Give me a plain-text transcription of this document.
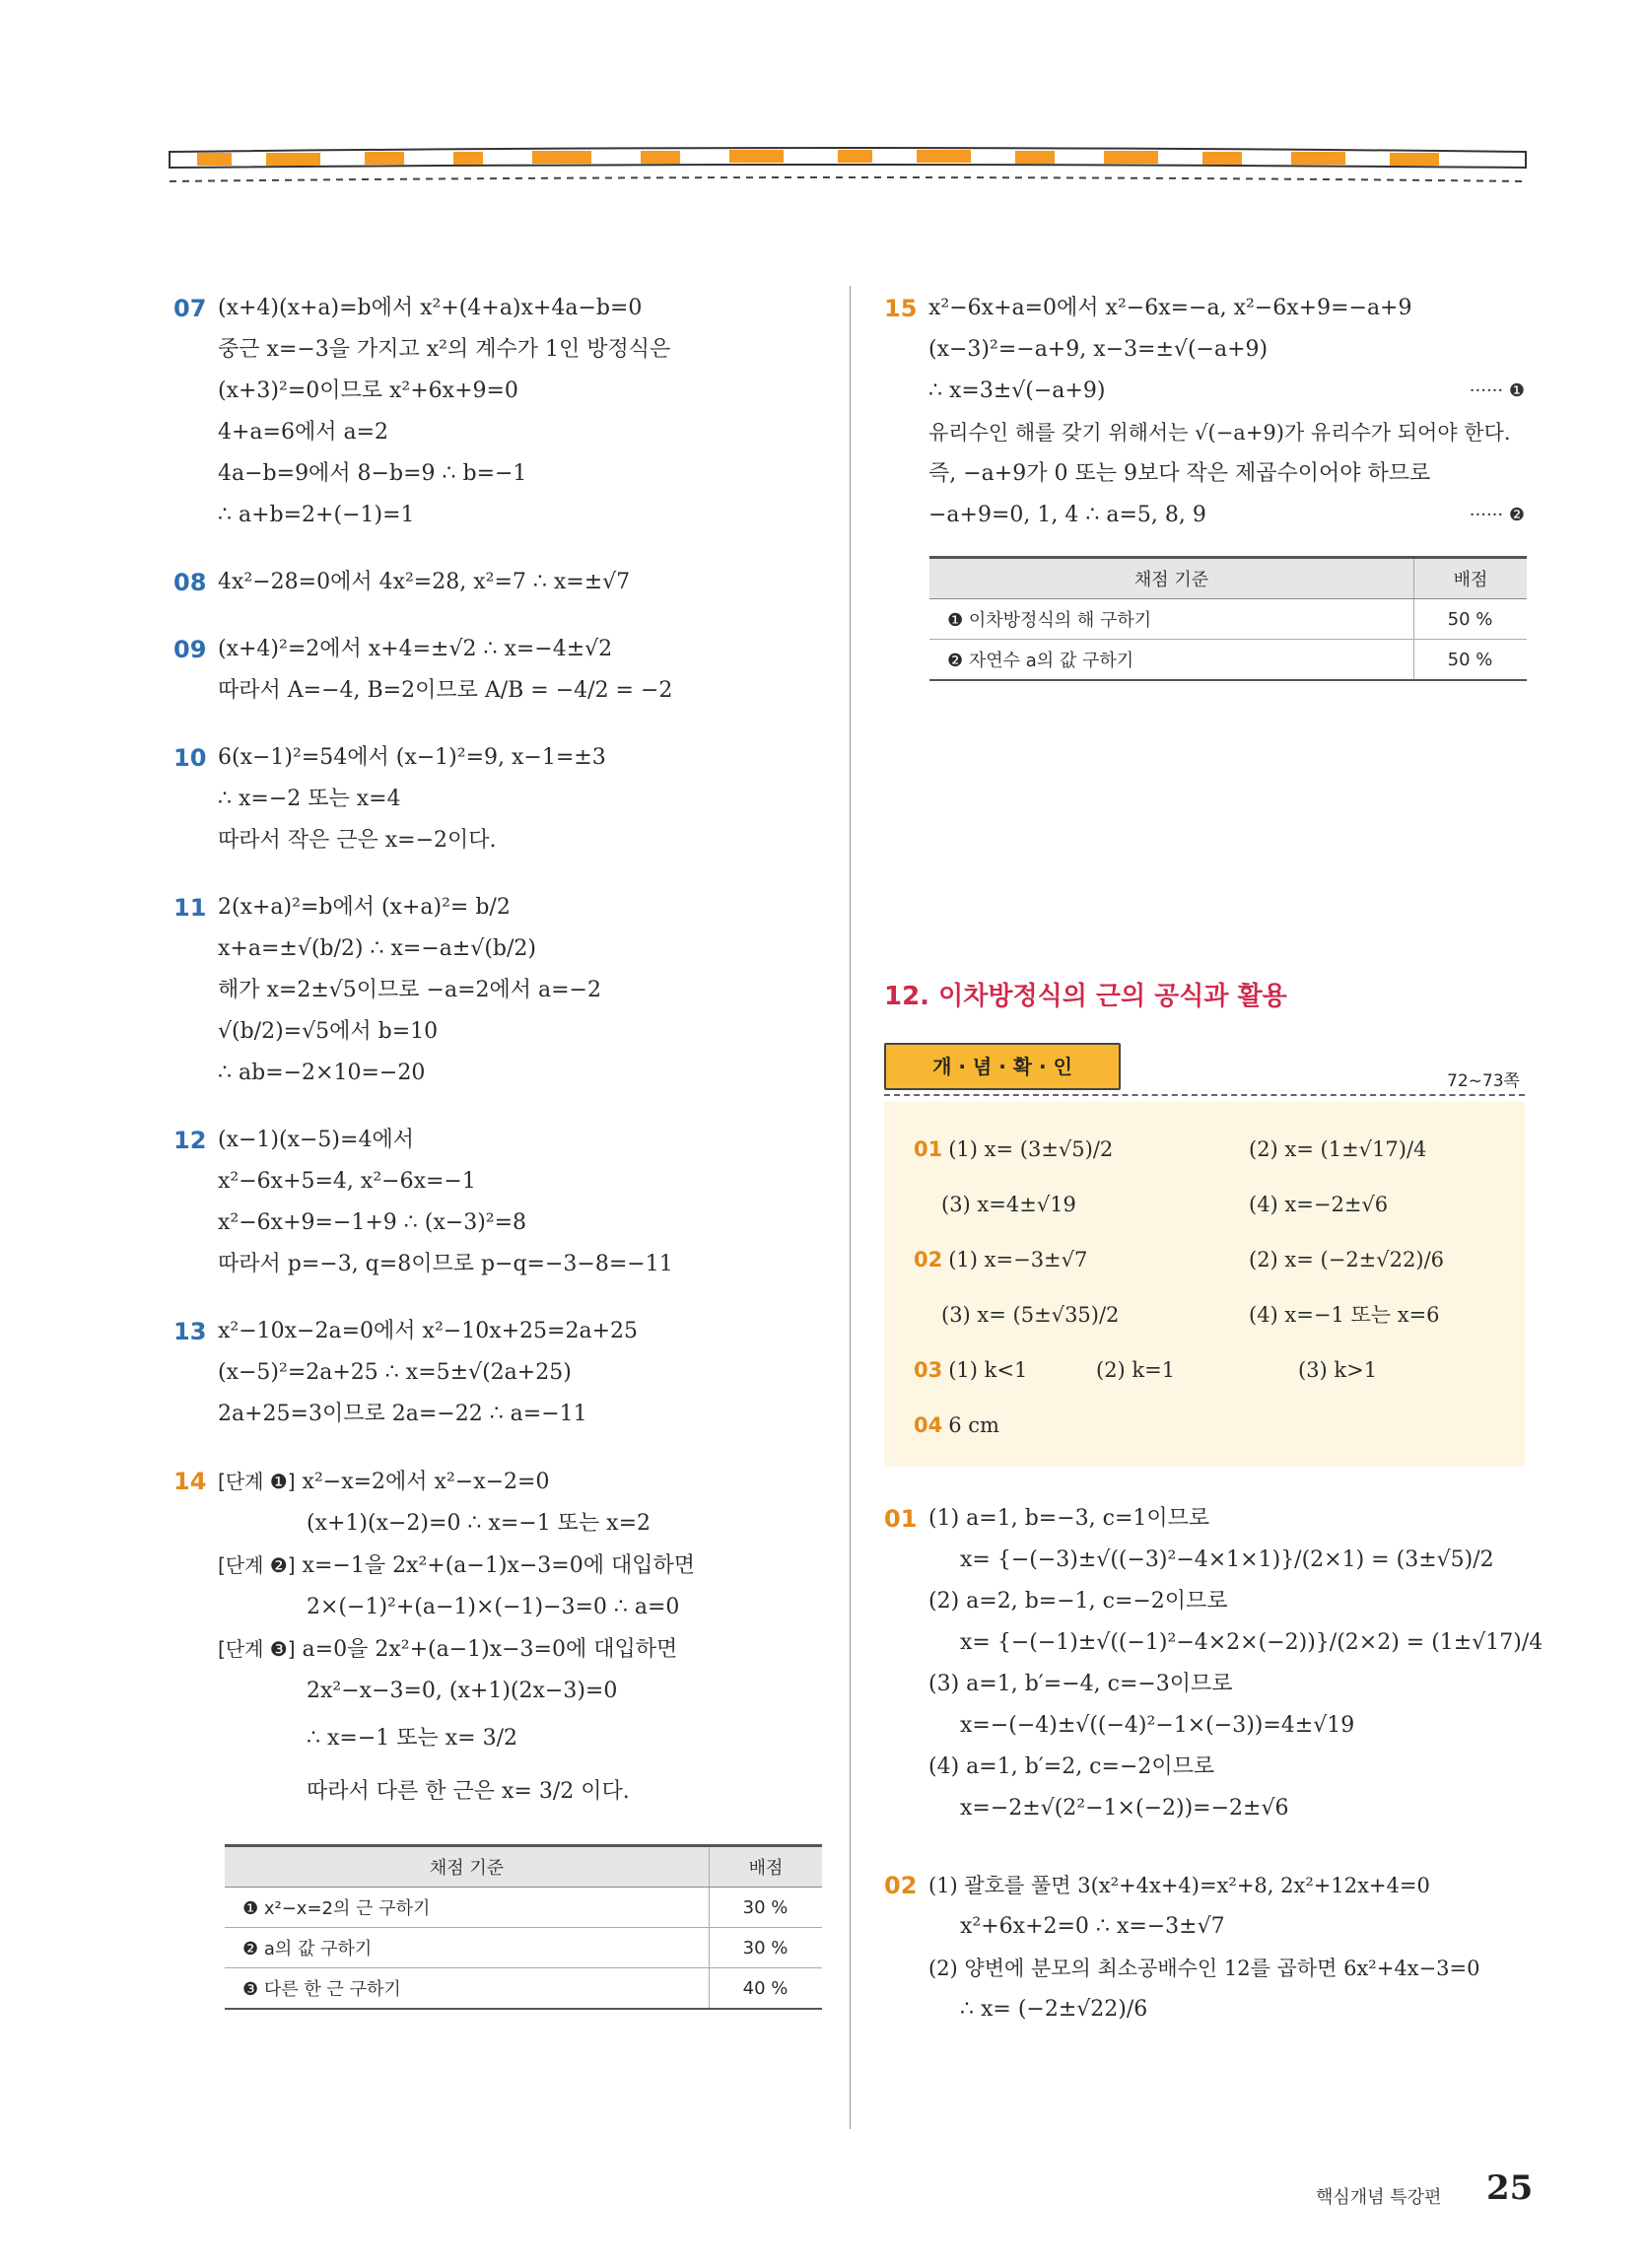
07 (x+4)(x+a)=b에서 x²+(4+a)x+4a−b=0
중근 x=−3을 가지고 x²의 계수가 1인 방정식은
(x+3)²=0이므로 x²+6x+9=0
4+a=6에서 a=2
4a−b=9에서 8−b=9 ∴ b=−1
∴ a+b=2+(−1)=1
08 4x²−28=0에서 4x²=28, x²=7 ∴ x=±√7
09 (x+4)²=2에서 x+4=±√2 ∴ x=−4±√2
따라서 A=−4, B=2이므로 A/B = −4/2 = −2
10 6(x−1)²=54에서 (x−1)²=9, x−1=±3
∴ x=−2 또는 x=4
따라서 작은 근은 x=−2이다.
11 2(x+a)²=b에서 (x+a)²= b/2
x+a=±√(b/2) ∴ x=−a±√(b/2)
해가 x=2±√5이므로 −a=2에서 a=−2
√(b/2)=√5에서 b=10
∴ ab=−2×10=−20
12 (x−1)(x−5)=4에서
x²−6x+5=4, x²−6x=−1
x²−6x+9=−1+9 ∴ (x−3)²=8
따라서 p=−3, q=8이므로 p−q=−3−8=−11
13 x²−10x−2a=0에서 x²−10x+25=2a+25
(x−5)²=2a+25 ∴ x=5±√(2a+25)
2a+25=3이므로 2a=−22 ∴ a=−11
14 [단계 ❶] x²−x=2에서 x²−x−2=0
(x+1)(x−2)=0 ∴ x=−1 또는 x=2
[단계 ❷] x=−1을 2x²+(a−1)x−3=0에 대입하면
2×(−1)²+(a−1)×(−1)−3=0 ∴ a=0
[단계 ❸] a=0을 2x²+(a−1)x−3=0에 대입하면
2x²−x−3=0, (x+1)(2x−3)=0
∴ x=−1 또는 x= 3/2
따라서 다른 한 근은 x= 3/2 이다.
채점 기준	배점
❶ x²−x=2의 근 구하기	30 %
❷ a의 값 구하기	30 %
❸ 다른 한 근 구하기	40 %
15 x²−6x+a=0에서 x²−6x=−a, x²−6x+9=−a+9
(x−3)²=−a+9, x−3=±√(−a+9)
∴ x=3±√(−a+9)	······ ❶
유리수인 해를 갖기 위해서는 √(−a+9)가 유리수가 되어야 한다.
즉, −a+9가 0 또는 9보다 작은 제곱수이어야 하므로
−a+9=0, 1, 4 ∴ a=5, 8, 9	······ ❷
채점 기준	배점
❶ 이차방정식의 해 구하기	50 %
❷ 자연수 a의 값 구하기	50 %
12. 이차방정식의 근의 공식과 활용
개 · 념 · 확 · 인
72~73쪽
01 (1) x= (3±√5)/2	(2) x= (1±√17)/4
(3) x=4±√19	(4) x=−2±√6
02 (1) x=−3±√7	(2) x= (−2±√22)/6
(3) x= (5±√35)/2	(4) x=−1 또는 x=6
03 (1) k<1	(2) k=1	(3) k>1
04 6 cm
01 (1) a=1, b=−3, c=1이므로
x= {−(−3)±√((−3)²−4×1×1)}/(2×1) = (3±√5)/2
(2) a=2, b=−1, c=−2이므로
x= {−(−1)±√((−1)²−4×2×(−2))}/(2×2) = (1±√17)/4
(3) a=1, b′=−4, c=−3이므로
x=−(−4)±√((−4)²−1×(−3))=4±√19
(4) a=1, b′=2, c=−2이므로
x=−2±√(2²−1×(−2))=−2±√6
02 (1) 괄호를 풀면 3(x²+4x+4)=x²+8, 2x²+12x+4=0
x²+6x+2=0 ∴ x=−3±√7
(2) 양변에 분모의 최소공배수인 12를 곱하면 6x²+4x−3=0
∴ x= (−2±√22)/6
핵심개념 특강편 25
